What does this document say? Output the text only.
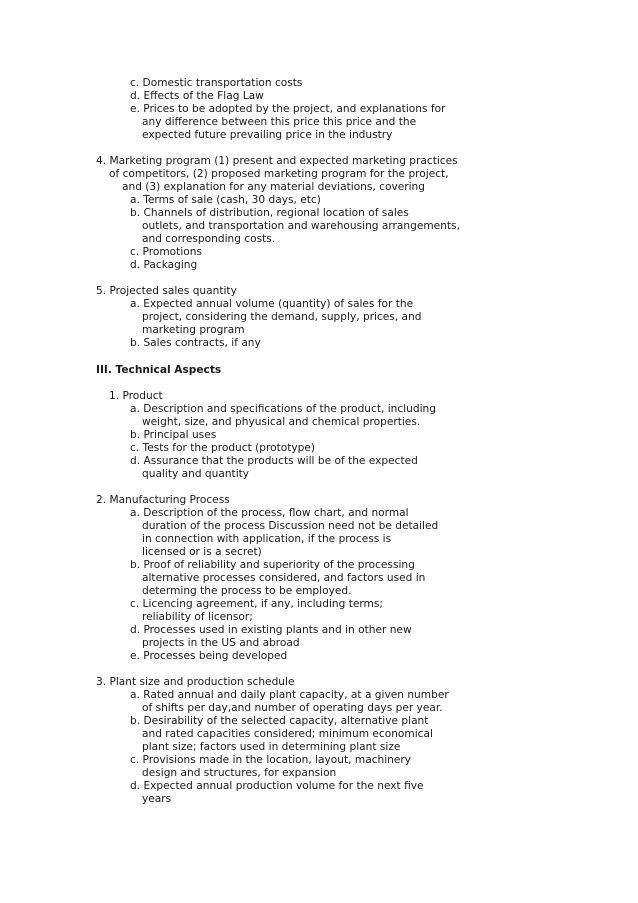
c. Domestic transportation costs
d. Effects of the Flag Law
e. Prices to be adopted by the project, and explanations for
any difference between this price this price and the
expected future prevailing price in the industry
4. Marketing program (1) present and expected marketing practices
of competitors, (2) proposed marketing program for the project,
and (3) explanation for any material deviations, covering
a. Terms of sale (cash, 30 days, etc)
b. Channels of distribution, regional location of sales
outlets, and transportation and warehousing arrangements,
and corresponding costs.
c. Promotions
d. Packaging
5. Projected sales quantity
a. Expected annual volume (quantity) of sales for the
project, considering the demand, supply, prices, and
marketing program
b. Sales contracts, if any
III. Technical Aspects
1. Product
a. Description and specifications of the product, including
weight, size, and phyusical and chemical properties.
b. Principal uses
c. Tests for the product (prototype)
d. Assurance that the products will be of the expected
quality and quantity
2. Manufacturing Process
a. Description of the process, flow chart, and normal
duration of the process Discussion need not be detailed
in connection with application, if the process is
licensed or is a secret)
b. Proof of reliability and superiority of the processing
alternative processes considered, and factors used in
determing the process to be employed.
c. Licencing agreement, if any, including terms;
reliability of licensor;
d. Processes used in existing plants and in other new
projects in the US and abroad
e. Processes being developed
3. Plant size and production schedule
a. Rated annual and daily plant capacity, at a given number
of shifts per day,and number of operating days per year.
b. Desirability of the selected capacity, alternative plant
and rated capacities considered; minimum economical
plant size; factors used in determining plant size
c. Provisions made in the location, layout, machinery
design and structures, for expansion
d. Expected annual production volume for the next five
years
